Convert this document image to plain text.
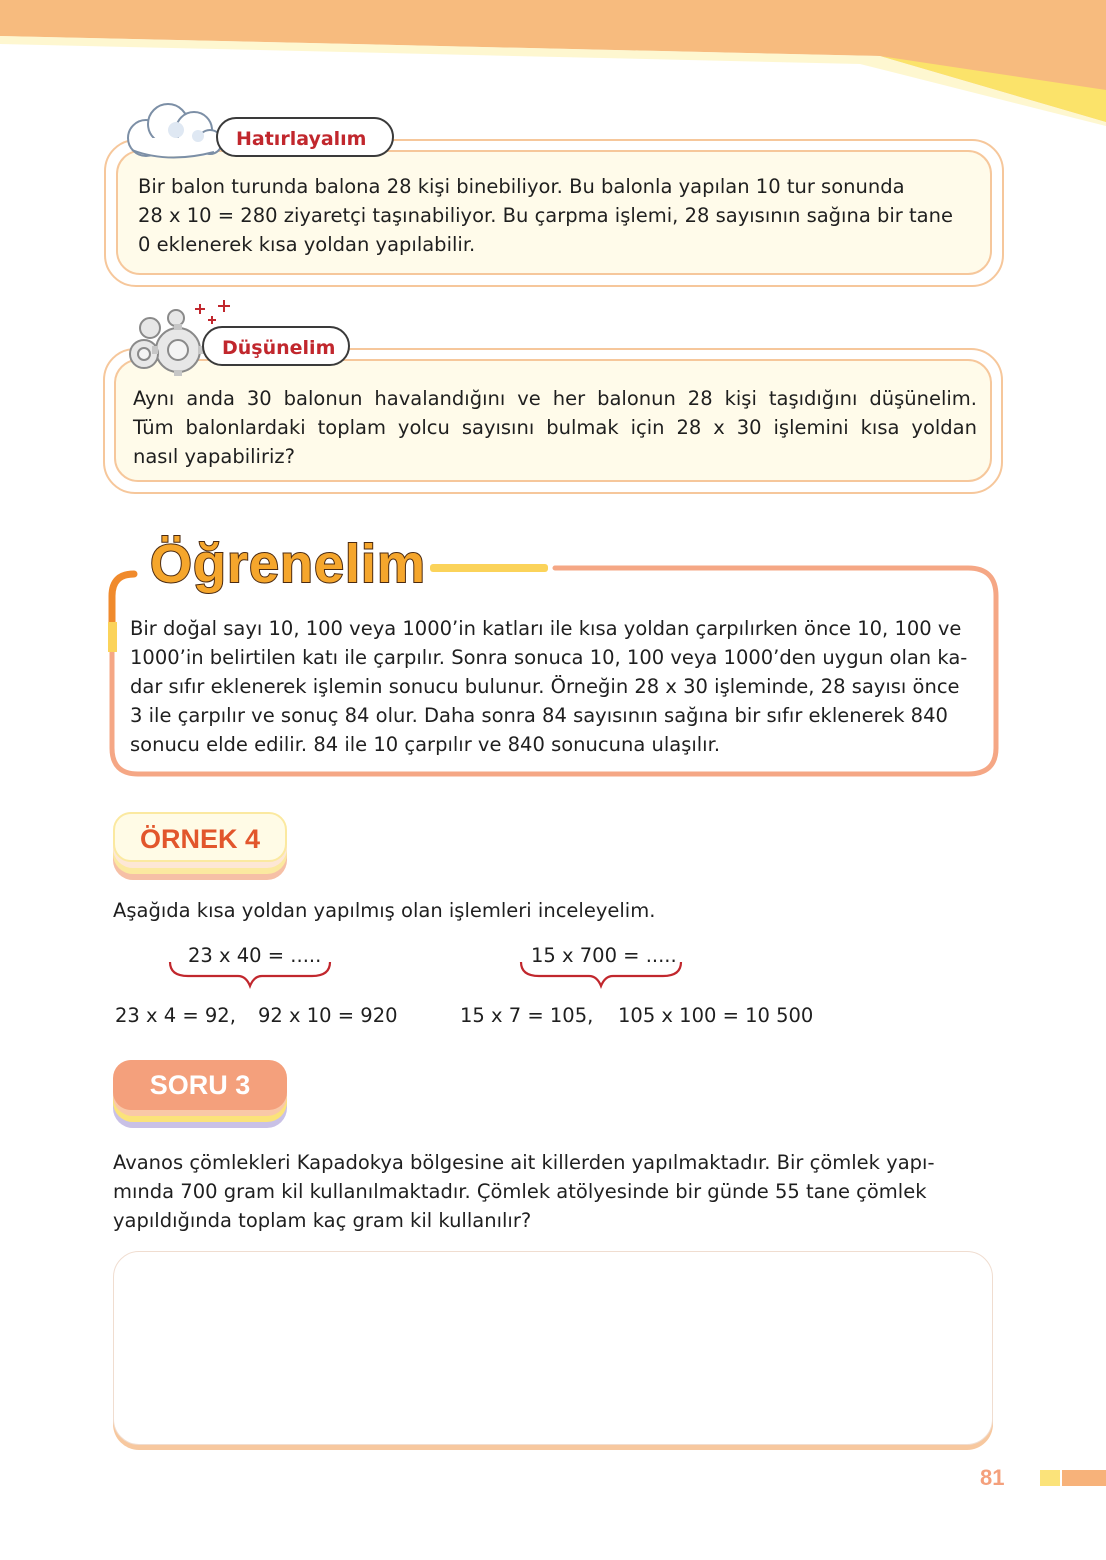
Bir balon turunda balona 28 kişi binebiliyor. Bu balonla yapılan 10 tur sonunda
28 x 10 = 280 ziyaretçi taşınabiliyor. Bu çarpma işlemi, 28 sayısının sağına bir tane
0 eklenerek kısa yoldan yapılabilir.
Hatırlayalım
Aynı anda 30 balonun havalandığını ve her balonun 28 kişi taşıdığını düşünelim.
Tüm balonlardaki toplam yolcu sayısını bulmak için 28 x 30 işlemini kısa yoldan
nasıl yapabiliriz?
Düşünelim
Bir doğal sayı 10, 100 veya 1000’in katları ile kısa yoldan çarpılırken önce 10, 100 ve
1000’in belirtilen katı ile çarpılır. Sonra sonuca 10, 100 veya 1000’den uygun olan ka-
dar sıfır eklenerek işlemin sonucu bulunur. Örneğin 28 x 30 işleminde, 28 sayısı önce
3 ile çarpılır ve sonuç 84 olur. Daha sonra 84 sayısının sağına bir sıfır eklenerek 840
sonucu elde edilir. 84 ile 10 çarpılır ve 840 sonucuna ulaşılır.
Öğrenelim
ÖRNEK 4
Aşağıda kısa yoldan yapılmış olan işlemleri inceleyelim.
23 x 40 = .....
23 x 4 = 92, 92 x 10 = 920
15 x 700 = .....
15 x 7 = 105, 105 x 100 = 10 500
SORU 3
Avanos çömlekleri Kapadokya bölgesine ait killerden yapılmaktadır. Bir çömlek yapı-
mında 700 gram kil kullanılmaktadır. Çömlek atölyesinde bir günde 55 tane çömlek
yapıldığında toplam kaç gram kil kullanılır?
81
